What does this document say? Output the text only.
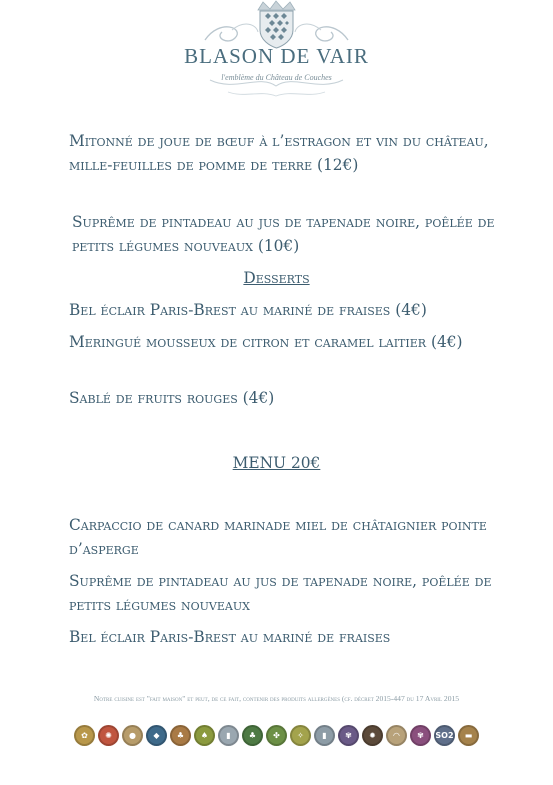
BLASON DE VAIR
l'emblème du Château de Couches
Mitonné de joue de bœuf à l’estragon et vin du château, mille-feuilles de pomme de terre (12€)
Suprême de pintadeau au jus de tapenade noire, poêlée de petits légumes nouveaux (10€)
Desserts
Bel éclair Paris-Brest au mariné de fraises (4€)
Meringué mousseux de citron et caramel laitier (4€)
Sablé de fruits rouges (4€)
MENU 20€
Carpaccio de canard marinade miel de châtaignier pointe d’asperge
Suprême de pintadeau au jus de tapenade noire, poêlée de petits légumes nouveaux
Bel éclair Paris-Brest au mariné de fraises
Notre cuisine est "fait maison" et peut, de ce fait, contenir des produits allergènes (cf. décret 2015-447 du 17 Avril 2015
✿ ✺ ● ◆ ♣ ♠ ▮ ♣ ✤ ✧ ▮ ✾ ✹ ◠ ✾ SO2 ▬
